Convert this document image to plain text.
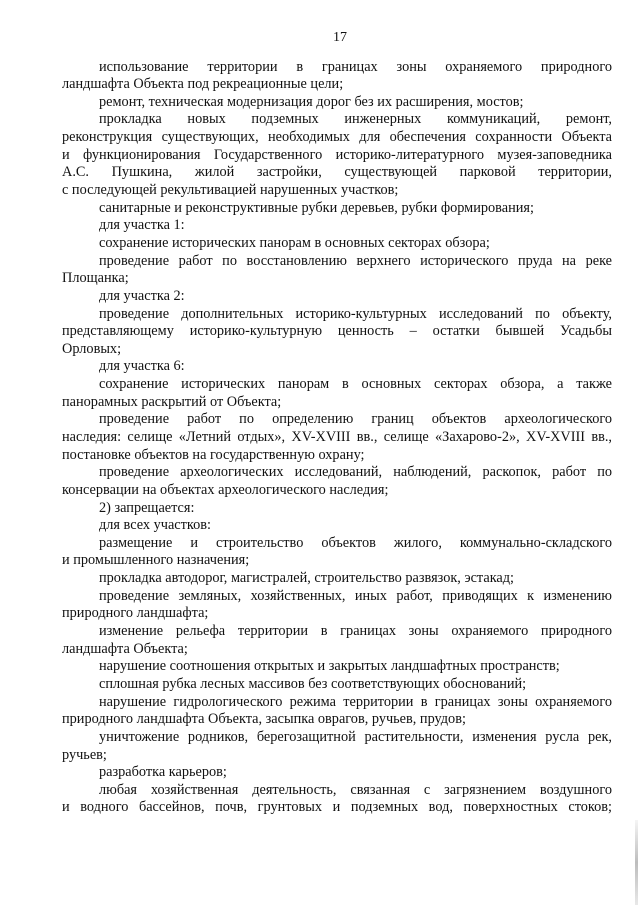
17
использование территории в границах зоны охраняемого природного
ландшафта Объекта под рекреационные цели;
ремонт, техническая модернизация дорог без их расширения, мостов;
прокладка новых подземных инженерных коммуникаций, ремонт,
реконструкция существующих, необходимых для обеспечения сохранности Объекта
и функционирования Государственного историко-литературного музея-заповедника
А.С. Пушкина, жилой застройки, существующей парковой территории,
с последующей рекультивацией нарушенных участков;
санитарные и реконструктивные рубки деревьев, рубки формирования;
для участка 1:
сохранение исторических панорам в основных секторах обзора;
проведение работ по восстановлению верхнего исторического пруда на реке
Площанка;
для участка 2:
проведение дополнительных историко-культурных исследований по объекту,
представляющему историко-культурную ценность – остатки бывшей Усадьбы
Орловых;
для участка 6:
сохранение исторических панорам в основных секторах обзора, а также
панорамных раскрытий от Объекта;
проведение работ по определению границ объектов археологического
наследия: селище «Летний отдых», XV-XVIII вв., селище «Захарово-2», XV-XVIII вв.,
постановке объектов на государственную охрану;
проведение археологических исследований, наблюдений, раскопок, работ по
консервации на объектах археологического наследия;
2) запрещается:
для всех участков:
размещение и строительство объектов жилого, коммунально-складского
и промышленного назначения;
прокладка автодорог, магистралей, строительство развязок, эстакад;
проведение земляных, хозяйственных, иных работ, приводящих к изменению
природного ландшафта;
изменение рельефа территории в границах зоны охраняемого природного
ландшафта Объекта;
нарушение соотношения открытых и закрытых ландшафтных пространств;
сплошная рубка лесных массивов без соответствующих обоснований;
нарушение гидрологического режима территории в границах зоны охраняемого
природного ландшафта Объекта, засыпка оврагов, ручьев, прудов;
уничтожение родников, берегозащитной растительности, изменения русла рек,
ручьев;
разработка карьеров;
любая хозяйственная деятельность, связанная с загрязнением воздушного
и водного бассейнов, почв, грунтовых и подземных вод, поверхностных стоков;
